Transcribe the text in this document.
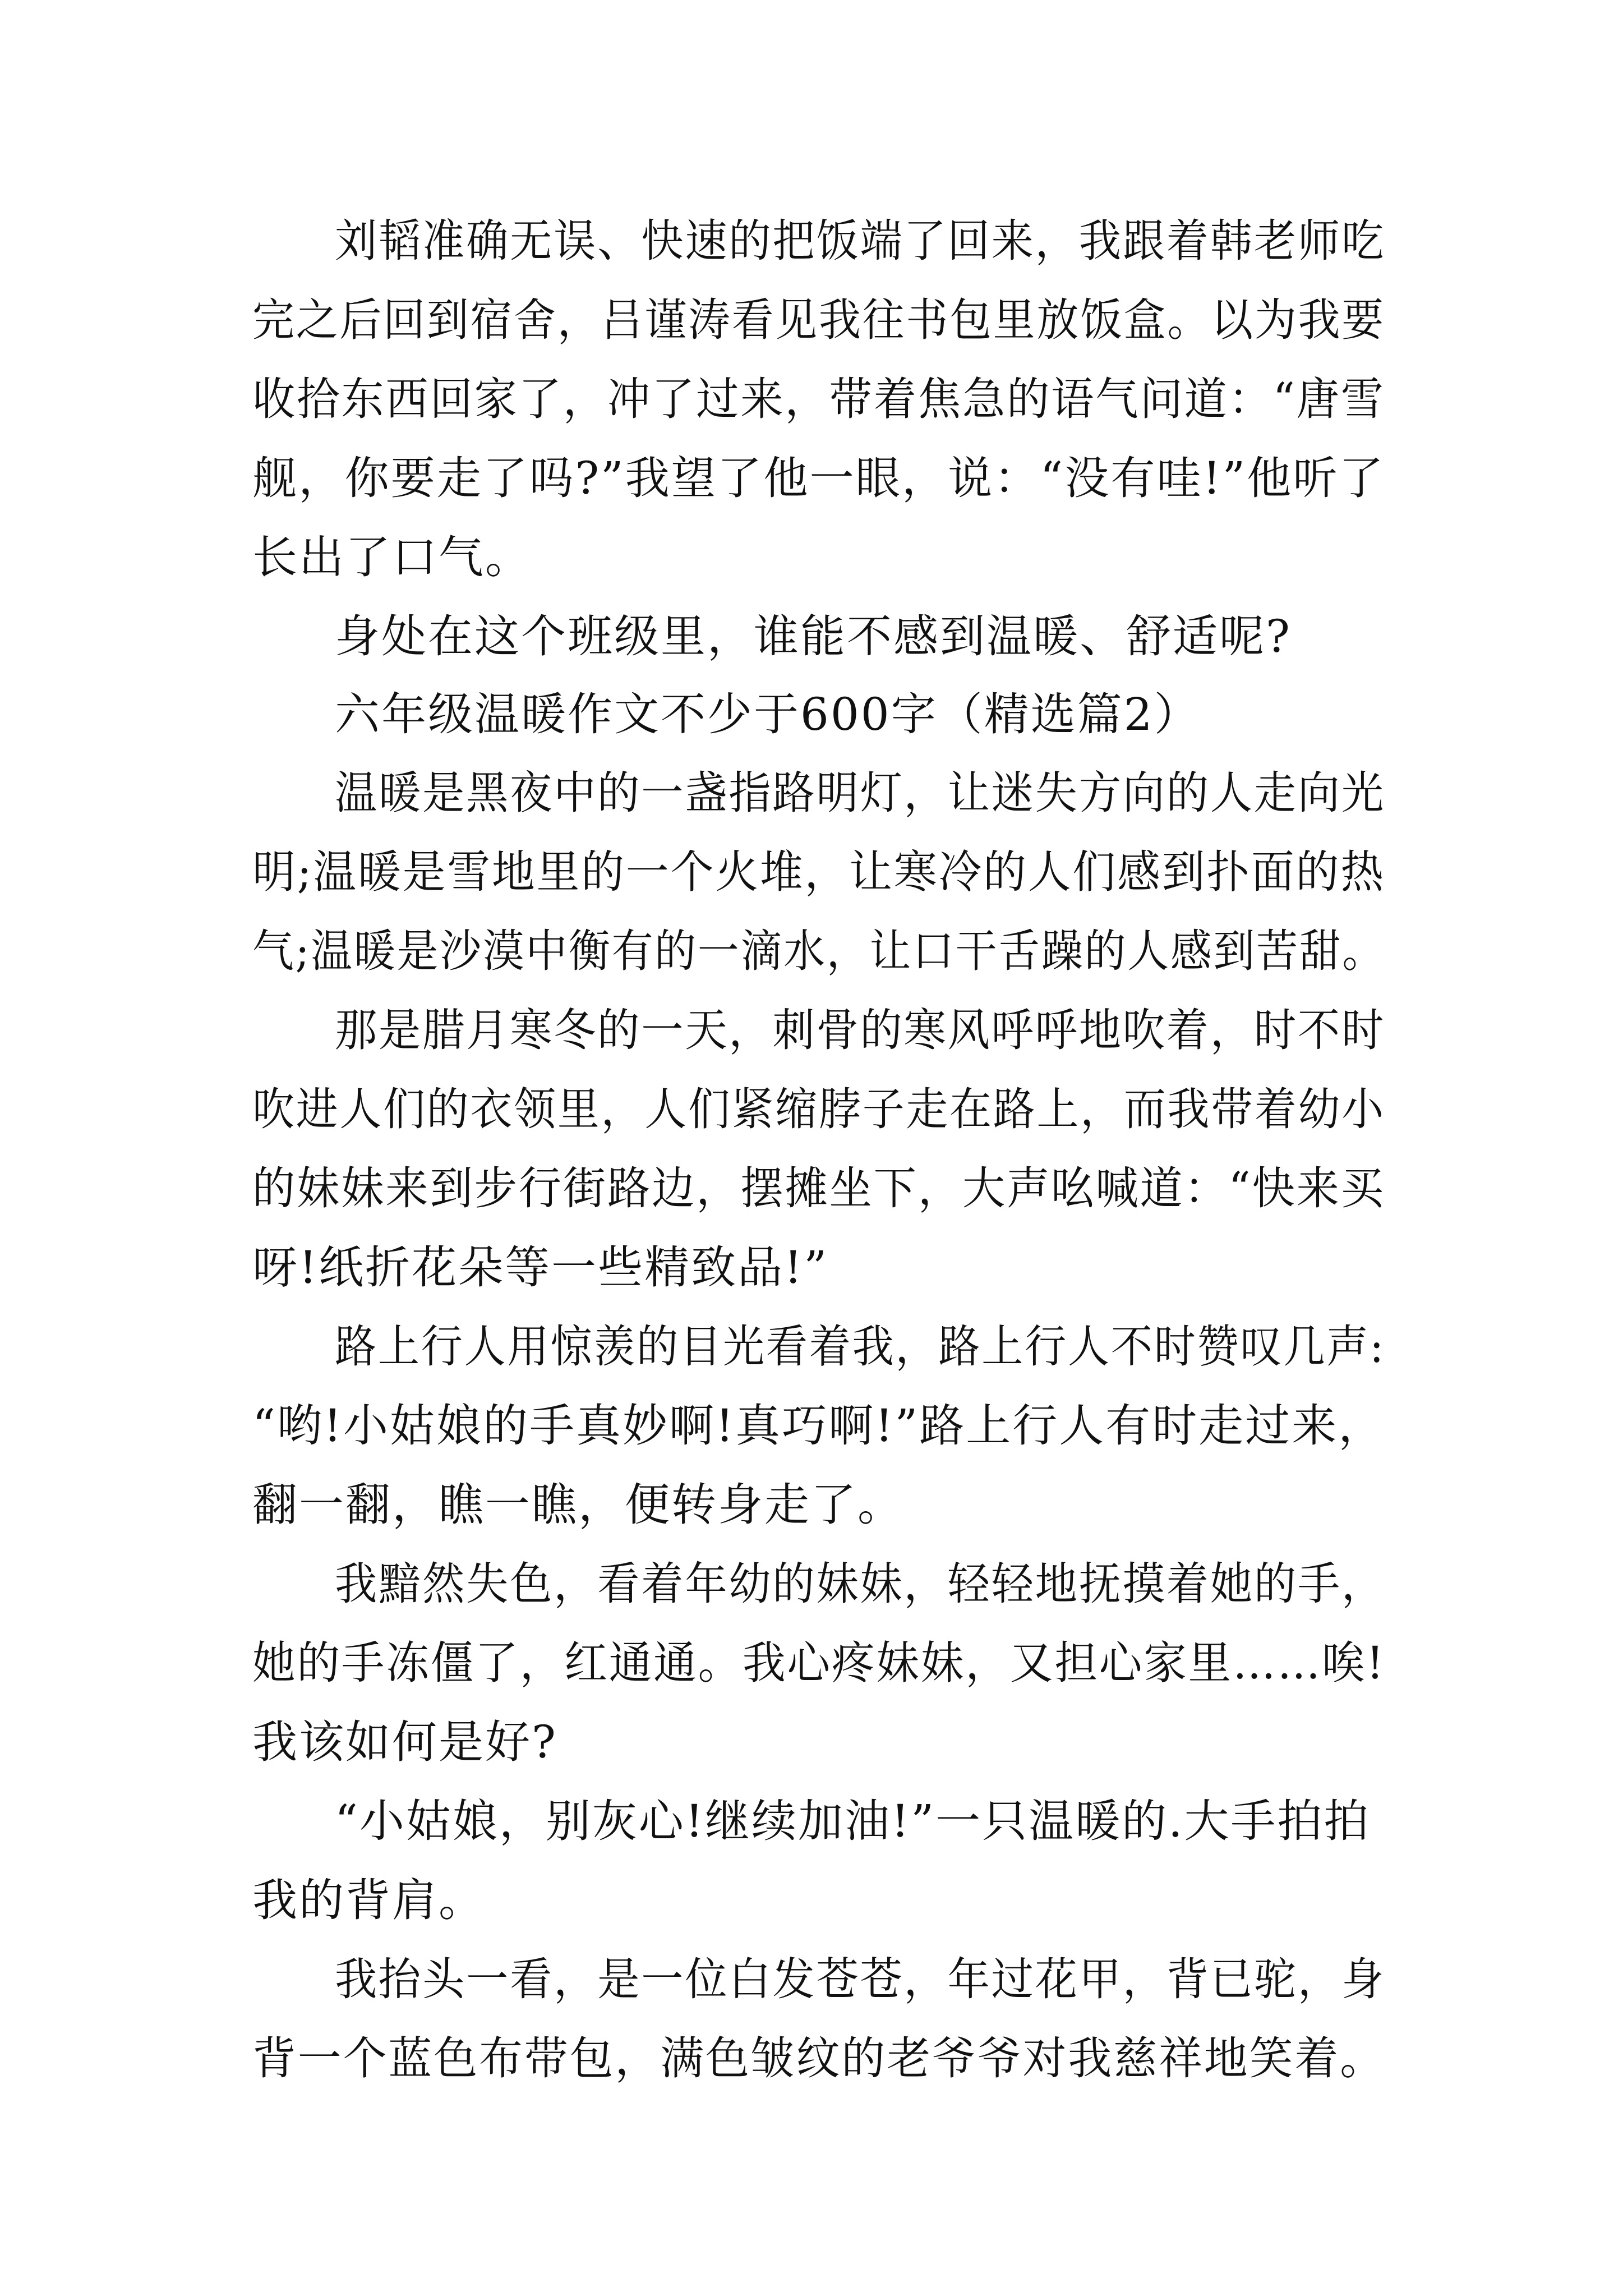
刘韬准确无误、快速的把饭端了回来，我跟着韩老师吃
完之后回到宿舍，吕谨涛看见我往书包里放饭盒。以为我要
收拾东西回家了，冲了过来，带着焦急的语气问道：“唐雪
舰，你要走了吗?”我望了他一眼，说：“没有哇!”他听了
长出了口气。
身处在这个班级里，谁能不感到温暖、舒适呢?
六年级温暖作文不少于600字（精选篇2）
温暖是黑夜中的一盏指路明灯，让迷失方向的人走向光
明;温暖是雪地里的一个火堆，让寒冷的人们感到扑面的热
气;温暖是沙漠中衡有的一滴水，让口干舌躁的人感到苦甜。
那是腊月寒冬的一天，刺骨的寒风呼呼地吹着，时不时
吹进人们的衣领里，人们紧缩脖子走在路上，而我带着幼小
的妹妹来到步行街路边，摆摊坐下，大声吆喊道：“快来买
呀!纸折花朵等一些精致品!”
路上行人用惊羡的目光看着我，路上行人不时赞叹几声:
“哟!小姑娘的手真妙啊!真巧啊!”路上行人有时走过来，
翻一翻，瞧一瞧，便转身走了。
我黯然失色，看着年幼的妹妹，轻轻地抚摸着她的手，
她的手冻僵了，红通通。我心疼妹妹，又担心家里……唉!
我该如何是好?
“小姑娘，别灰心!继续加油!”一只温暖的.大手拍拍
我的背肩。
我抬头一看，是一位白发苍苍，年过花甲，背已驼，身
背一个蓝色布带包，满色皱纹的老爷爷对我慈祥地笑着。
